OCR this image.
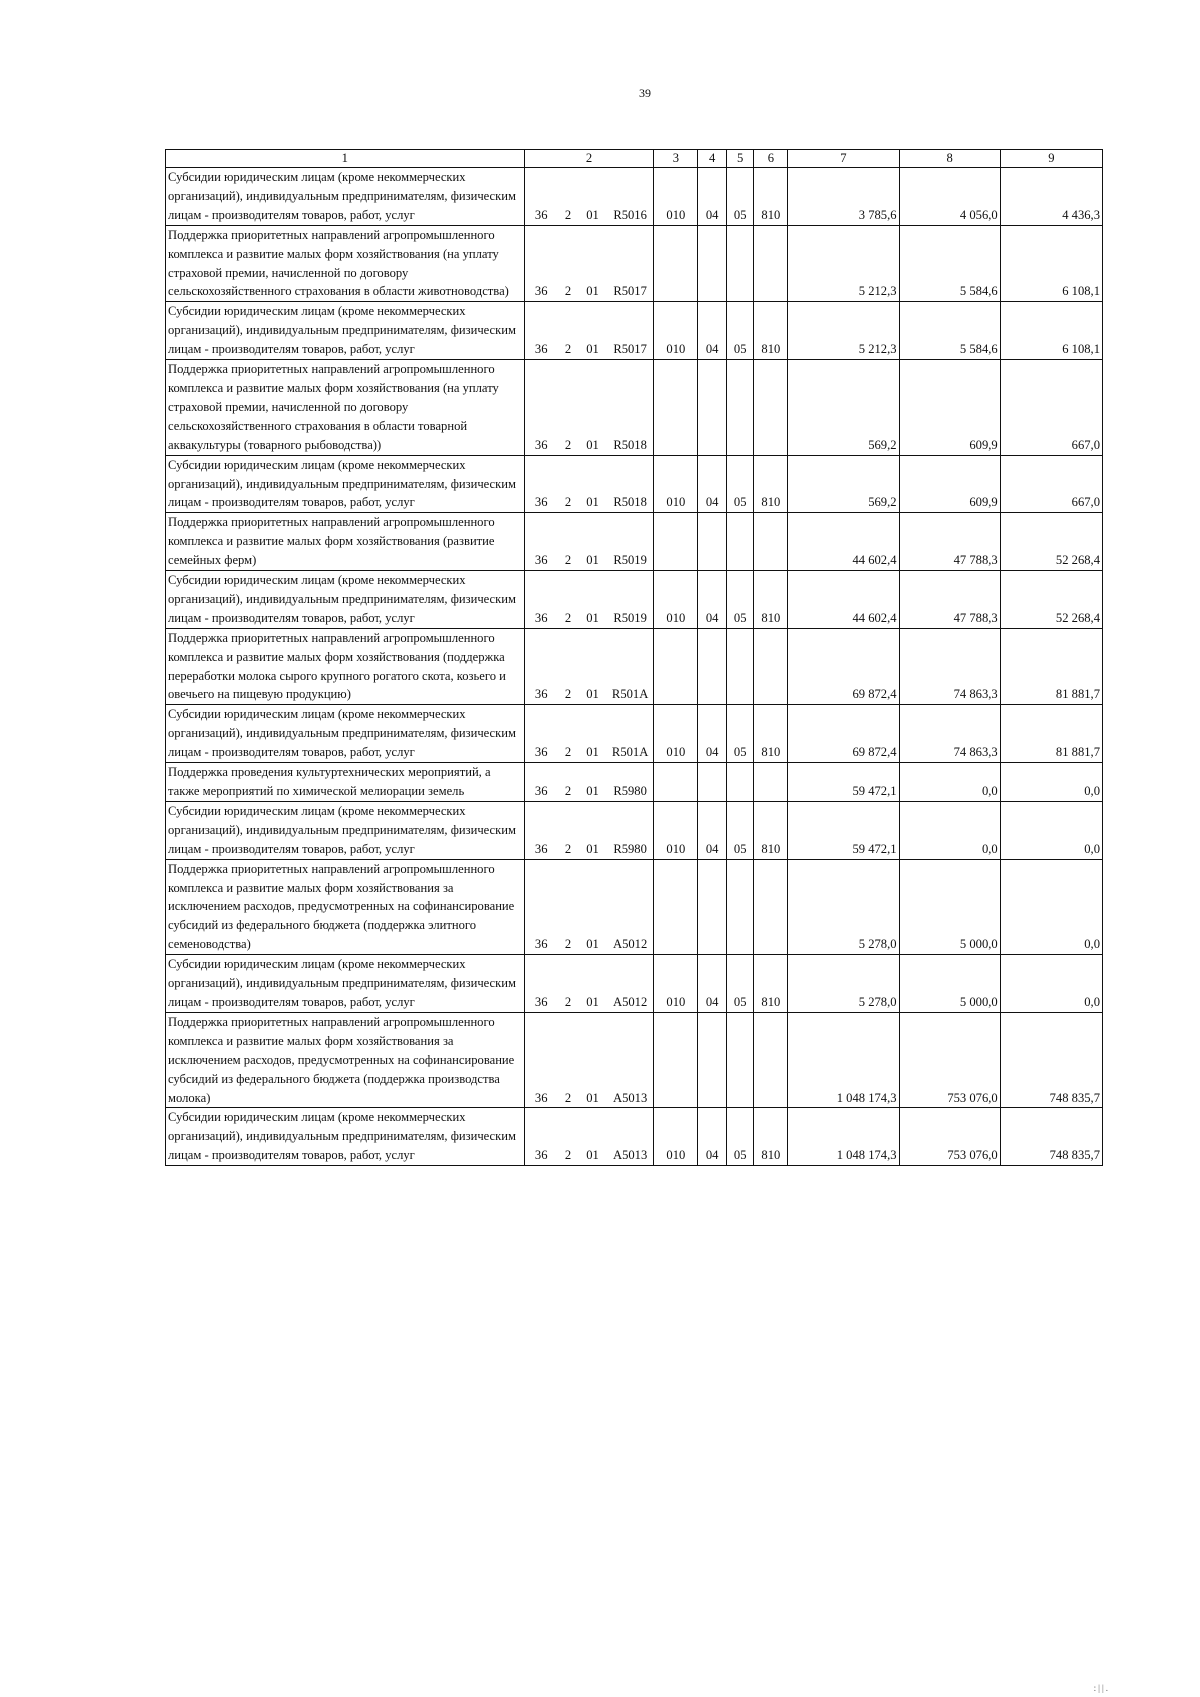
39
1	2				3	4	5	6	7	8	9

Субсидии юридическим лицам (кроме некоммерческих организаций), индивидуальным предпринимателям, физическим лицам - производителям товаров, работ, услуг	36	2	01	R5016	010	04	05	810	3 785,6	4 056,0	4 436,3

Поддержка приоритетных направлений агропромышленного комплекса и развитие малых форм хозяйствования (на уплату страховой премии, начисленной по договору сельскохозяйственного страхования в области животноводства)	36	2	01	R5017					5 212,3	5 584,6	6 108,1

Субсидии юридическим лицам (кроме некоммерческих организаций), индивидуальным предпринимателям, физическим лицам - производителям товаров, работ, услуг	36	2	01	R5017	010	04	05	810	5 212,3	5 584,6	6 108,1

Поддержка приоритетных направлений агропромышленного комплекса и развитие малых форм хозяйствования (на уплату страховой премии, начисленной по договору сельскохозяйственного страхования в области товарной аквакультуры (товарного рыбоводства))	36	2	01	R5018					569,2	609,9	667,0

Субсидии юридическим лицам (кроме некоммерческих организаций), индивидуальным предпринимателям, физическим лицам - производителям товаров, работ, услуг	36	2	01	R5018	010	04	05	810	569,2	609,9	667,0

Поддержка приоритетных направлений агропромышленного комплекса и развитие малых форм хозяйствования (развитие семейных ферм)	36	2	01	R5019					44 602,4	47 788,3	52 268,4

Субсидии юридическим лицам (кроме некоммерческих организаций), индивидуальным предпринимателям, физическим лицам - производителям товаров, работ, услуг	36	2	01	R5019	010	04	05	810	44 602,4	47 788,3	52 268,4

Поддержка приоритетных направлений агропромышленного комплекса и развитие малых форм хозяйствования (поддержка переработки молока сырого крупного рогатого скота, козьего и овечьего на пищевую продукцию)	36	2	01	R501A					69 872,4	74 863,3	81 881,7

Субсидии юридическим лицам (кроме некоммерческих организаций), индивидуальным предпринимателям, физическим лицам - производителям товаров, работ, услуг	36	2	01	R501A	010	04	05	810	69 872,4	74 863,3	81 881,7

Поддержка проведения культуртехнических мероприятий, а также мероприятий по химической мелиорации земель	36	2	01	R5980					59 472,1	0,0	0,0

Субсидии юридическим лицам (кроме некоммерческих организаций), индивидуальным предпринимателям, физическим лицам - производителям товаров, работ, услуг	36	2	01	R5980	010	04	05	810	59 472,1	0,0	0,0

Поддержка приоритетных направлений агропромышленного комплекса и развитие малых форм хозяйствования за исключением расходов, предусмотренных на софинансирование субсидий из федерального бюджета (поддержка элитного семеноводства)	36	2	01	A5012					5 278,0	5 000,0	0,0

Субсидии юридическим лицам (кроме некоммерческих организаций), индивидуальным предпринимателям, физическим лицам - производителям товаров, работ, услуг	36	2	01	A5012	010	04	05	810	5 278,0	5 000,0	0,0

Поддержка приоритетных направлений агропромышленного комплекса и развитие малых форм хозяйствования за исключением расходов, предусмотренных на софинансирование субсидий из федерального бюджета (поддержка производства молока)	36	2	01	A5013					1 048 174,3	753 076,0	748 835,7

Субсидии юридическим лицам (кроме некоммерческих организаций), индивидуальным предпринимателям, физическим лицам - производителям товаров, работ, услуг	36	2	01	A5013	010	04	05	810	1 048 174,3	753 076,0	748 835,7
:||.
